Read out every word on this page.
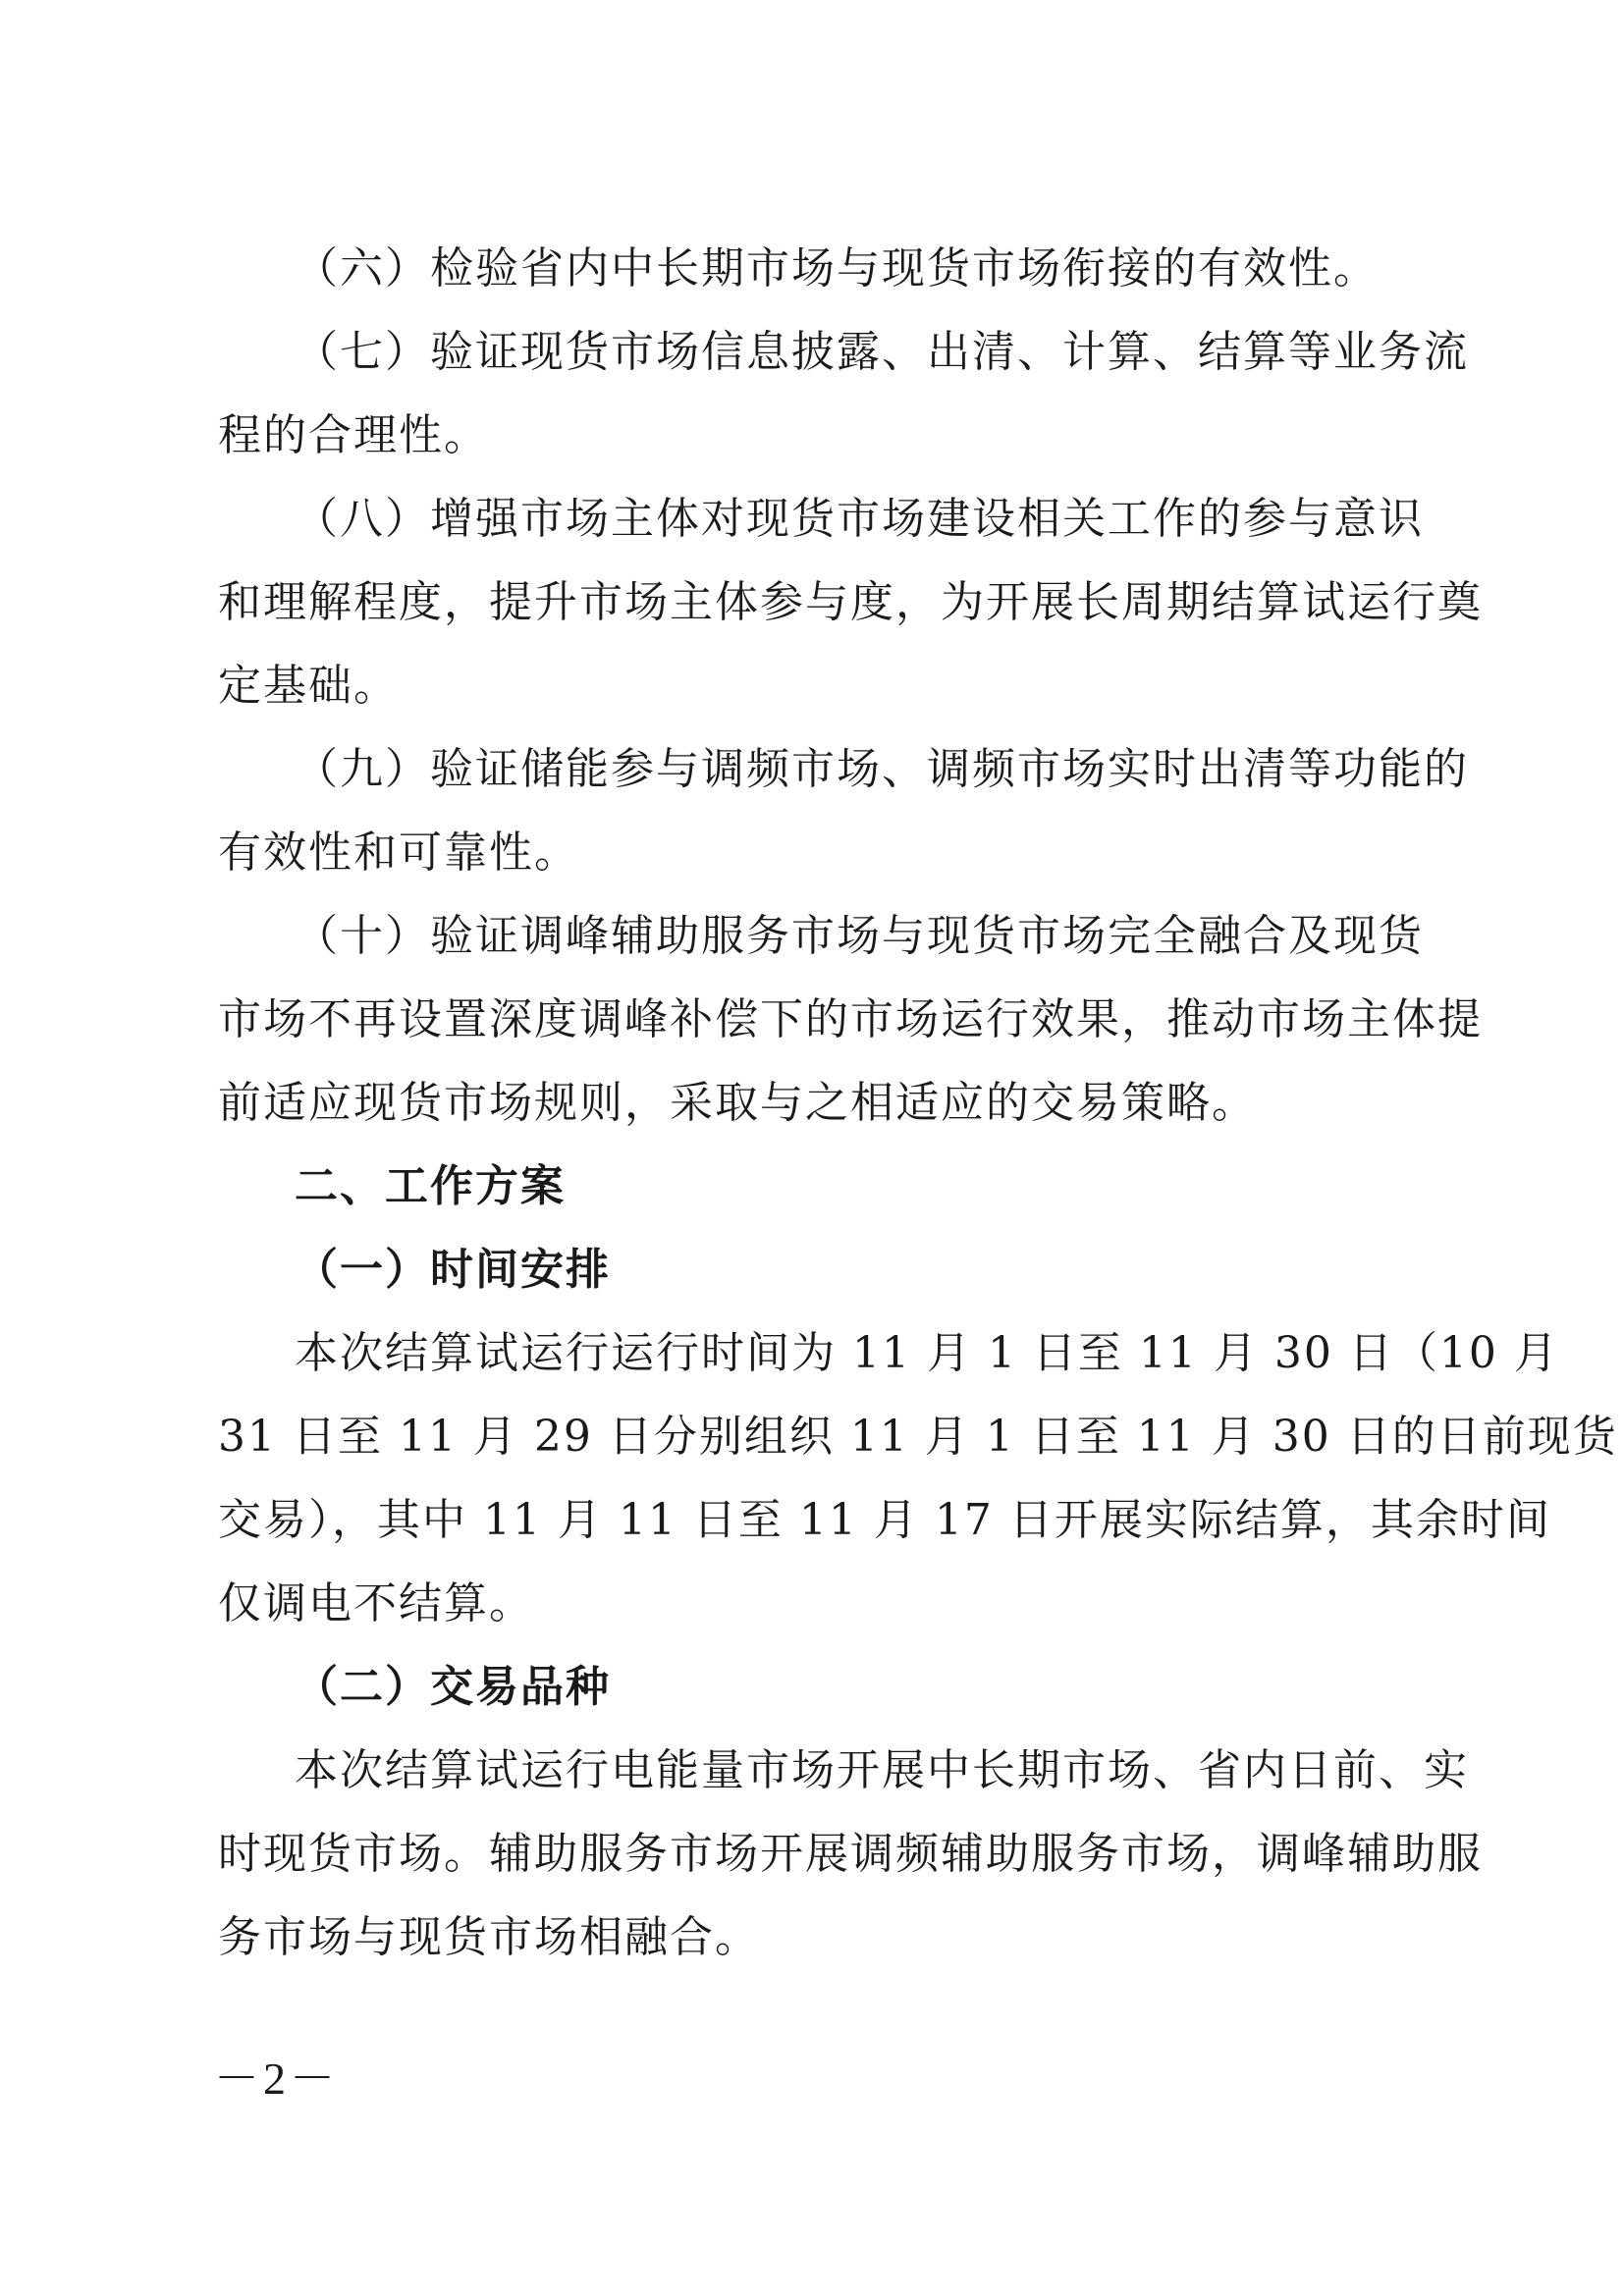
（六）检验省内中长期市场与现货市场衔接的有效性。
（七）验证现货市场信息披露、出清、计算、结算等业务流
程的合理性。
（八）增强市场主体对现货市场建设相关工作的参与意识
和理解程度，提升市场主体参与度，为开展长周期结算试运行奠
定基础。
（九）验证储能参与调频市场、调频市场实时出清等功能的
有效性和可靠性。
（十）验证调峰辅助服务市场与现货市场完全融合及现货
市场不再设置深度调峰补偿下的市场运行效果，推动市场主体提
前适应现货市场规则，采取与之相适应的交易策略。
二、工作方案
（一）时间安排
本次结算试运行运行时间为 11 月 1 日至 11 月 30 日（10 月
31 日至 11 月 29 日分别组织 11 月 1 日至 11 月 30 日的日前现货
交易），其中 11 月 11 日至 11 月 17 日开展实际结算，其余时间
仅调电不结算。
（二）交易品种
本次结算试运行电能量市场开展中长期市场、省内日前、实
时现货市场。辅助服务市场开展调频辅助服务市场，调峰辅助服
务市场与现货市场相融合。
－2－
